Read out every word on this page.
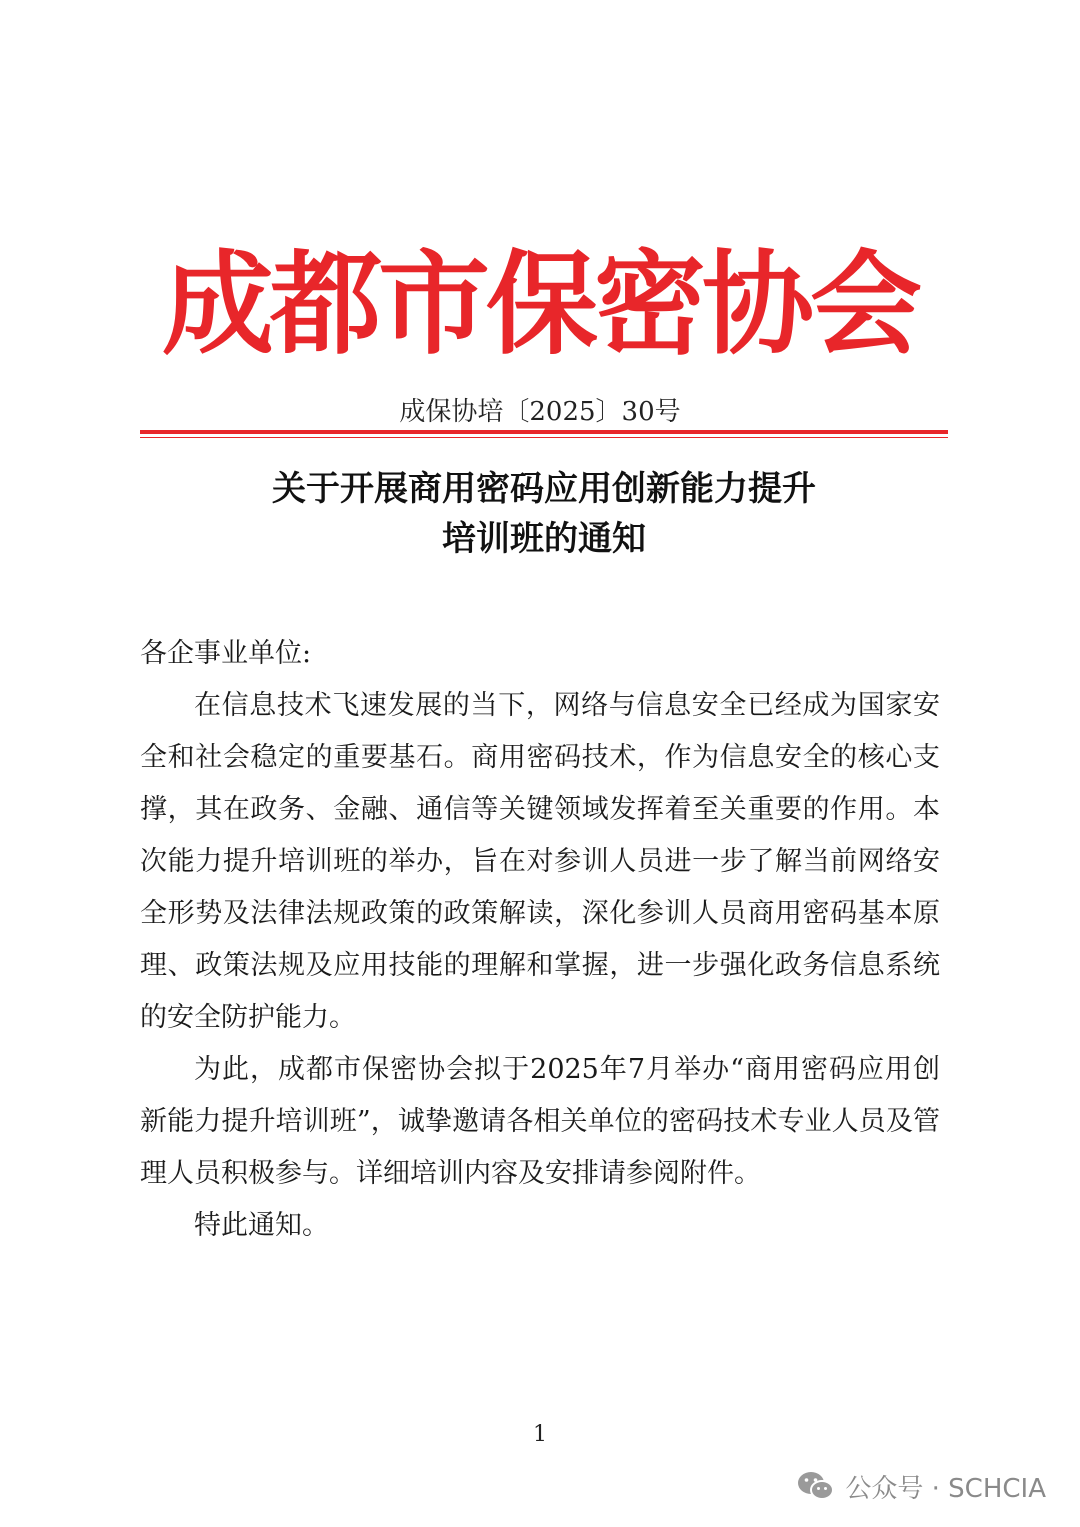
成都市保密协会
成保协培〔2025〕30号
关于开展商用密码应用创新能力提升
培训班的通知

各企事业单位:

在信息技术飞速发展的当下，网络与信息安全已经成为国家安全和社会稳定的重要基石。商用密码技术，作为信息安全的核心支撑，其在政务、金融、通信等关键领域发挥着至关重要的作用。本次能力提升培训班的举办，旨在对参训人员进一步了解当前网络安全形势及法律法规政策的政策解读，深化参训人员商用密码基本原理、政策法规及应用技能的理解和掌握，进一步强化政务信息系统的安全防护能力。

为此，成都市保密协会拟于2025年7月举办“商用密码应用创新能力提升培训班”，诚挚邀请各相关单位的密码技术专业人员及管理人员积极参与。详细培训内容及安排请参阅附件。

特此通知。

1
公众号 · SCHCIA
